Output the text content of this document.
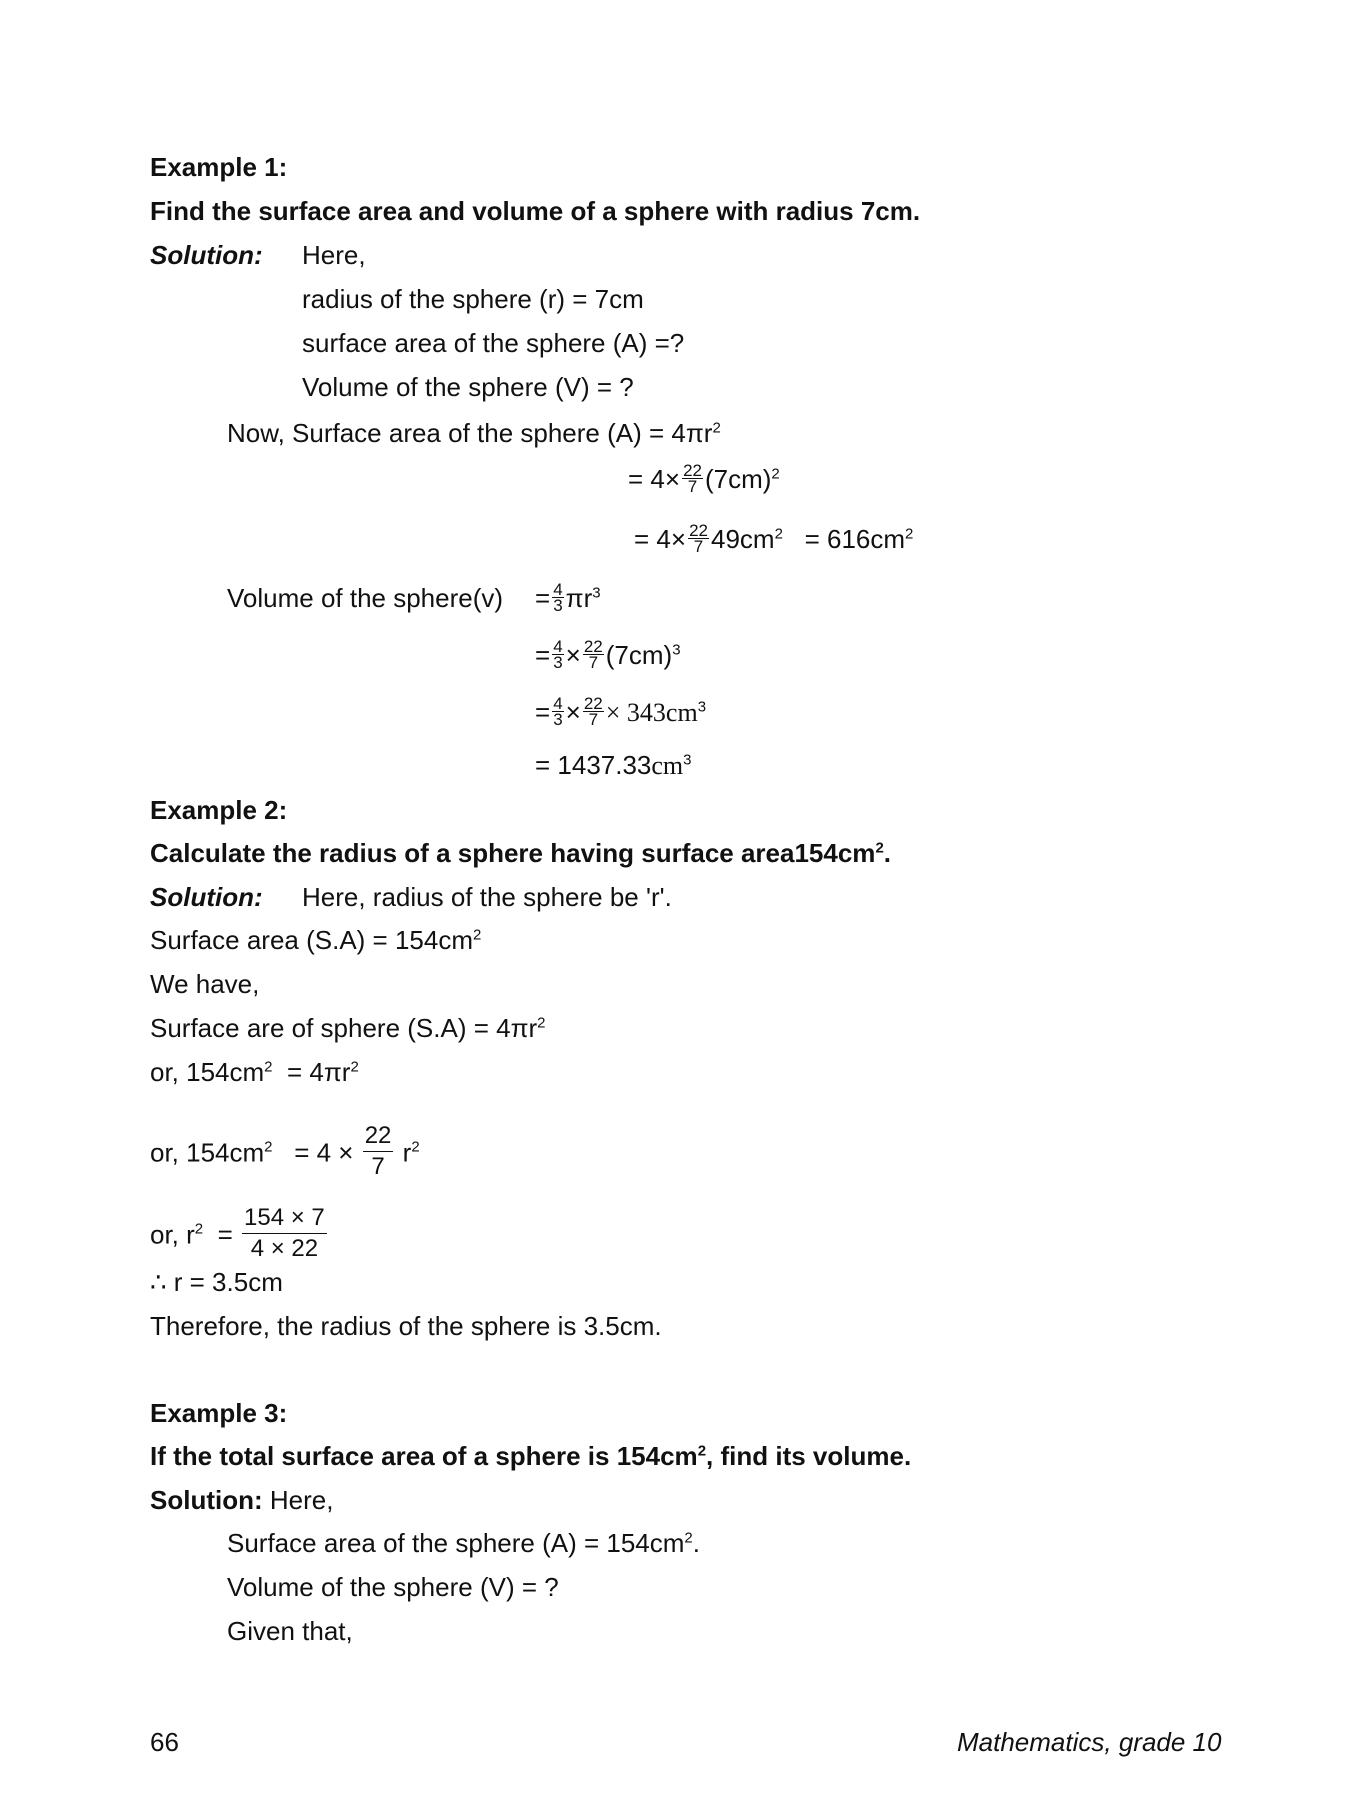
Example 1:
Find the surface area and volume of a sphere with radius 7cm.
Solution: Here,
radius of the sphere (r) = 7cm
surface area of the sphere (A) =?
Volume of the sphere (V) = ?
Now, Surface area of the sphere $(A) = 4\pi r^2$
= $4\times \frac{22}{7} (7cm)^2$
= $4\times \frac{22}{7} 49cm^2 = 616cm^2$
Volume of the sphere(v) = $\frac{4}{3} \pi r^3$
= $\frac{4}{3} \times \frac{22}{7} (7cm)^3$
= $\frac{4}{3} \times \frac{22}{7} \times 343cm^3$
= $1437.33cm^3$
Example 2:
Calculate the radius of a sphere having surface $area154cm^2$.
Solution: Here, radius of the sphere be 'r'.
Surface area $(S.A) = 154cm^2$
We have,
Surface are of sphere $(S.A) = 4\pi r^2$
or, $154cm^2 = 4\pi r^2$
or, $154cm^2 = 4 \times \frac{22}{7} r^2$
or, $r^2 = \frac{154 \times 7}{4 \times 22}$
∴ r = 3.5cm
Therefore, the radius of the sphere is 3.5cm.
Example 3:
If the total surface area of a sphere is $154cm^2$, find its volume.
Solution: Here,
Surface area of the sphere $(A) = 154cm^2$.
Volume of the sphere (V) = ?
Given that,
66	Mathematics, grade 10
